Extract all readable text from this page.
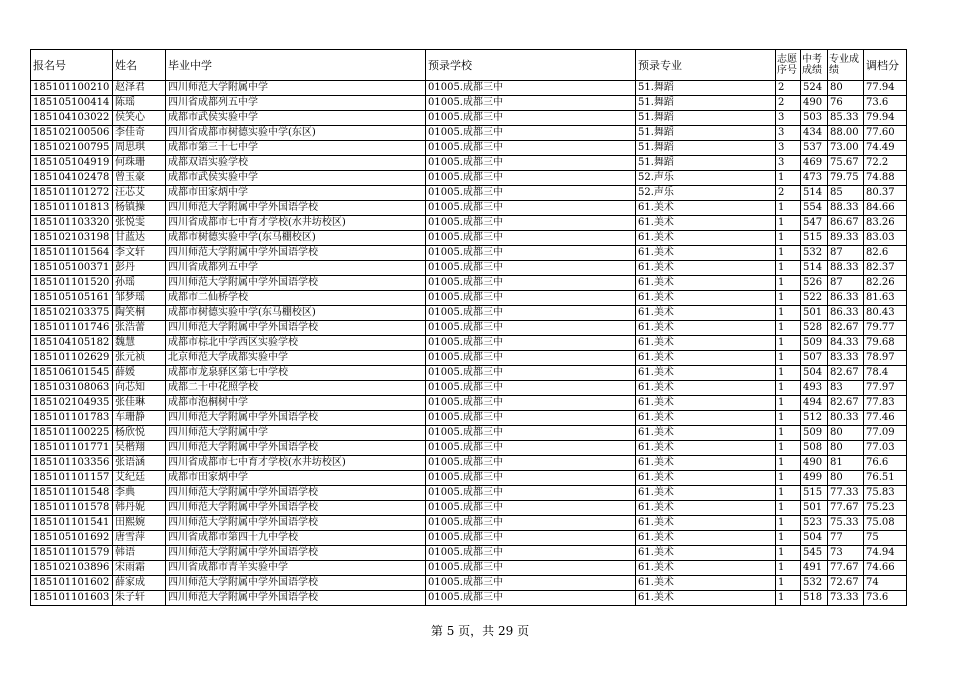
报名号	姓名	毕业中学	预录学校	预录专业	志愿序号	中考成绩	专业成绩	调档分
185101100210	赵泽君	四川师范大学附属中学	01005.成都三中	51.舞蹈	2	524	80	77.94
185105100414	陈瑶	四川省成都列五中学	01005.成都三中	51.舞蹈	2	490	76	73.6
185104103022	侯笑心	成都市武侯实验中学	01005.成都三中	51.舞蹈	3	503	85.33	79.94
185102100506	李佳奇	四川省成都市树德实验中学(东区)	01005.成都三中	51.舞蹈	3	434	88.00	77.60
185102100795	周思琪	成都市第三十七中学	01005.成都三中	51.舞蹈	3	537	73.00	74.49
185105104919	何珠珊	成都双语实验学校	01005.成都三中	51.舞蹈	3	469	75.67	72.2
185104102478	曾玉豪	成都市武侯实验中学	01005.成都三中	52.声乐	1	473	79.75	74.88
185101101272	汪芯艾	成都市田家炳中学	01005.成都三中	52.声乐	2	514	85	80.37
185101101813	杨镇操	四川师范大学附属中学外国语学校	01005.成都三中	61.美术	1	554	88.33	84.66
185101103320	张悦雯	四川省成都市七中育才学校(水井坊校区)	01005.成都三中	61.美术	1	547	86.67	83.26
185102103198	甘蓝达	成都市树德实验中学(东马棚校区)	01005.成都三中	61.美术	1	515	89.33	83.03
185101101564	李文轩	四川师范大学附属中学外国语学校	01005.成都三中	61.美术	1	532	87	82.6
185105100371	彭丹	四川省成都列五中学	01005.成都三中	61.美术	1	514	88.33	82.37
185101101520	孙瑶	四川师范大学附属中学外国语学校	01005.成都三中	61.美术	1	526	87	82.26
185105105161	邹梦瑶	成都市二仙桥学校	01005.成都三中	61.美术	1	522	86.33	81.63
185102103375	陶笑桐	成都市树德实验中学(东马棚校区)	01005.成都三中	61.美术	1	501	86.33	80.43
185101101746	张浩蕾	四川师范大学附属中学外国语学校	01005.成都三中	61.美术	1	528	82.67	79.77
185104105182	魏慧	成都市棕北中学西区实验学校	01005.成都三中	61.美术	1	509	84.33	79.68
185101102629	张元祯	北京师范大学成都实验中学	01005.成都三中	61.美术	1	507	83.33	78.97
185106101545	薛媛	成都市龙泉驿区第七中学校	01005.成都三中	61.美术	1	504	82.67	78.4
185103108063	向芯知	成都二十中花照学校	01005.成都三中	61.美术	1	493	83	77.97
185102104935	张佳琳	成都市泡桐树中学	01005.成都三中	61.美术	1	494	82.67	77.83
185101101783	车珊静	四川师范大学附属中学外国语学校	01005.成都三中	61.美术	1	512	80.33	77.46
185101100225	杨欣悦	四川师范大学附属中学	01005.成都三中	61.美术	1	509	80	77.09
185101101771	吴楷翔	四川师范大学附属中学外国语学校	01005.成都三中	61.美术	1	508	80	77.03
185101103356	张语涵	四川省成都市七中育才学校(水井坊校区)	01005.成都三中	61.美术	1	490	81	76.6
185101101157	艾纪廷	成都市田家炳中学	01005.成都三中	61.美术	1	499	80	76.51
185101101548	李典	四川师范大学附属中学外国语学校	01005.成都三中	61.美术	1	515	77.33	75.83
185101101578	韩丹妮	四川师范大学附属中学外国语学校	01005.成都三中	61.美术	1	501	77.67	75.23
185101101541	田熙婉	四川师范大学附属中学外国语学校	01005.成都三中	61.美术	1	523	75.33	75.08
185105101692	唐雪萍	四川省成都市第四十九中学校	01005.成都三中	61.美术	1	504	77	75
185101101579	韩语	四川师范大学附属中学外国语学校	01005.成都三中	61.美术	1	545	73	74.94
185102103896	宋雨霜	四川省成都市青羊实验中学	01005.成都三中	61.美术	1	491	77.67	74.66
185101101602	薛家成	四川师范大学附属中学外国语学校	01005.成都三中	61.美术	1	532	72.67	74
185101101603	朱子轩	四川师范大学附属中学外国语学校	01005.成都三中	61.美术	1	518	73.33	73.6
第 5 页，共 29 页
